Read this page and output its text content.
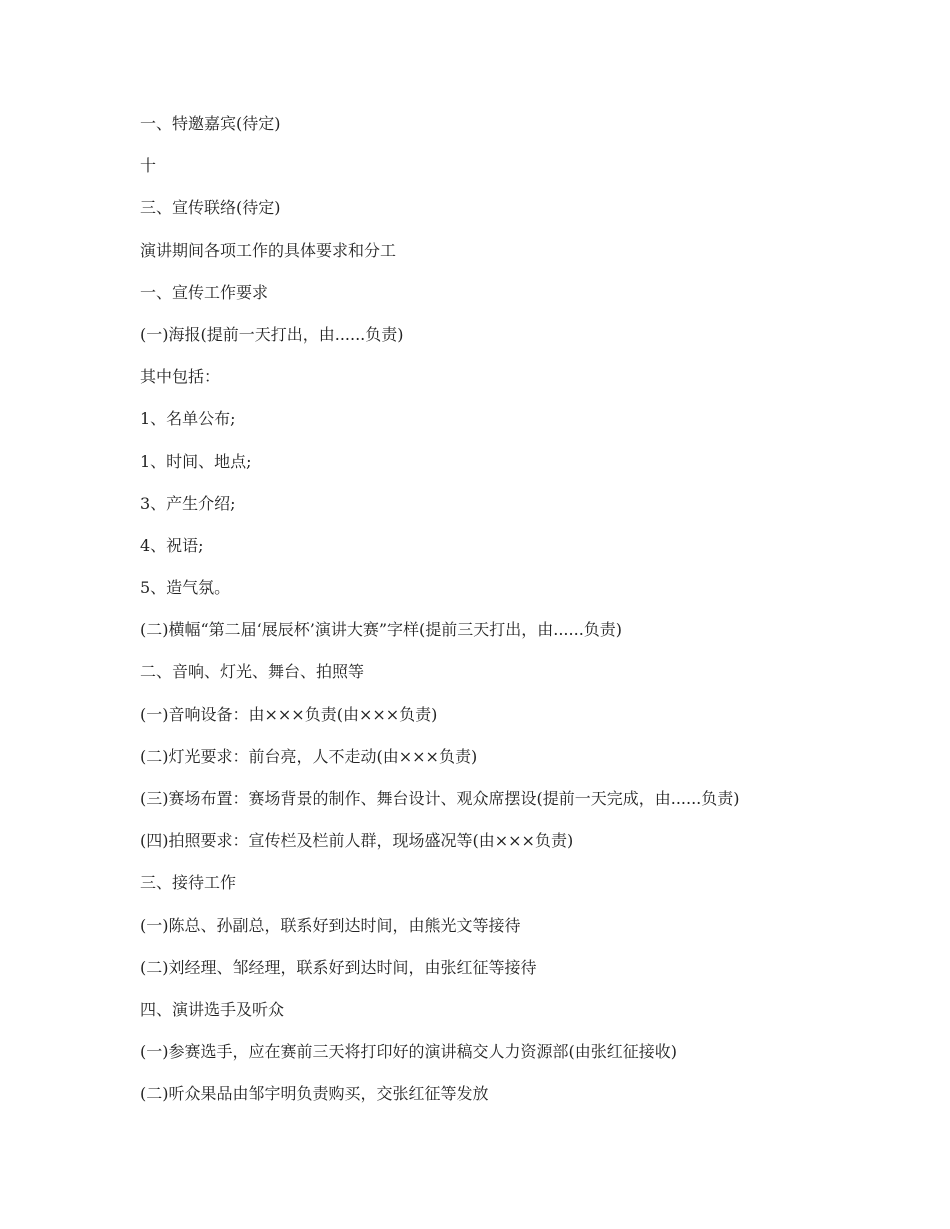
一、特邀嘉宾(待定)
十
三、宣传联络(待定)
演讲期间各项工作的具体要求和分工
一、宣传工作要求
(一)海报(提前一天打出，由......负责)
其中包括：
1、名单公布;
1、时间、地点;
3、产生介绍;
4、祝语;
5、造气氛。
(二)横幅“第二届‘展辰杯’演讲大赛”字样(提前三天打出，由......负责)
二、音响、灯光、舞台、拍照等
(一)音响设备：由×××负责(由×××负责)
(二)灯光要求：前台亮，人不走动(由×××负责)
(三)赛场布置：赛场背景的制作、舞台设计、观众席摆设(提前一天完成，由......负责)
(四)拍照要求：宣传栏及栏前人群，现场盛况等(由×××负责)
三、接待工作
(一)陈总、孙副总，联系好到达时间，由熊光文等接待
(二)刘经理、邹经理，联系好到达时间，由张红征等接待
四、演讲选手及听众
(一)参赛选手，应在赛前三天将打印好的演讲稿交人力资源部(由张红征接收)
(二)听众果品由邹宇明负责购买，交张红征等发放
